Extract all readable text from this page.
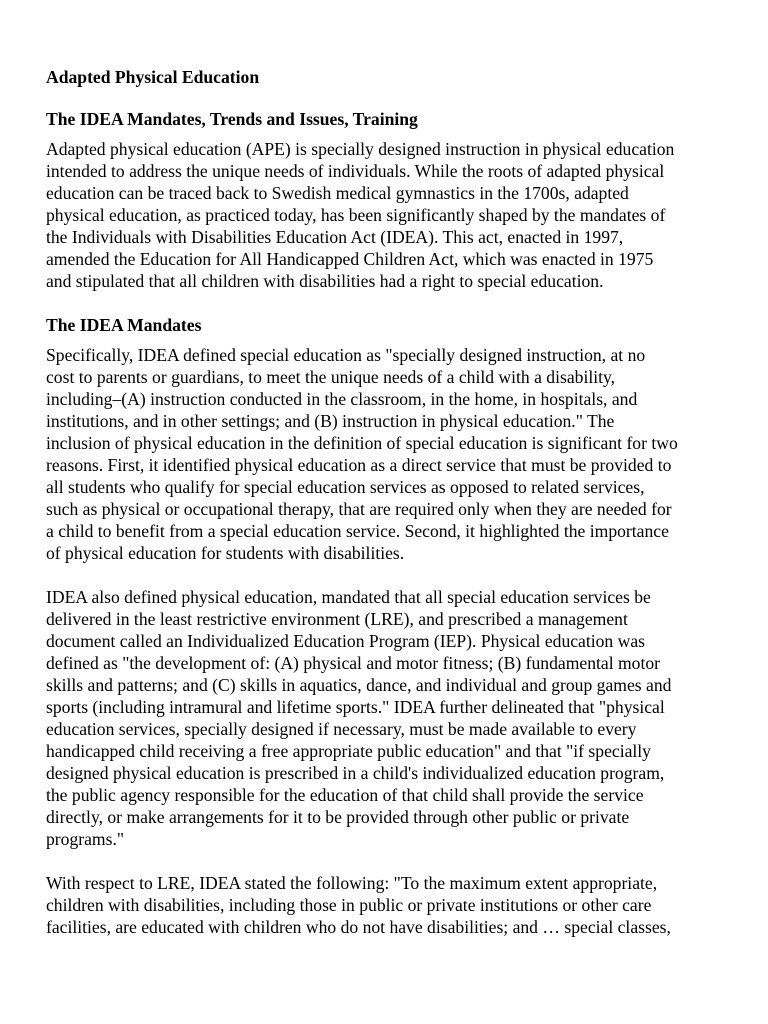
Adapted Physical Education

The IDEA Mandates, Trends and Issues, Training

Adapted physical education (APE) is specially designed instruction in physical education
intended to address the unique needs of individuals. While the roots of adapted physical
education can be traced back to Swedish medical gymnastics in the 1700s, adapted
physical education, as practiced today, has been significantly shaped by the mandates of
the Individuals with Disabilities Education Act (IDEA). This act, enacted in 1997,
amended the Education for All Handicapped Children Act, which was enacted in 1975
and stipulated that all children with disabilities had a right to special education.

The IDEA Mandates

Specifically, IDEA defined special education as "specially designed instruction, at no
cost to parents or guardians, to meet the unique needs of a child with a disability,
including–(A) instruction conducted in the classroom, in the home, in hospitals, and
institutions, and in other settings; and (B) instruction in physical education." The
inclusion of physical education in the definition of special education is significant for two
reasons. First, it identified physical education as a direct service that must be provided to
all students who qualify for special education services as opposed to related services,
such as physical or occupational therapy, that are required only when they are needed for
a child to benefit from a special education service. Second, it highlighted the importance
of physical education for students with disabilities.

IDEA also defined physical education, mandated that all special education services be
delivered in the least restrictive environment (LRE), and prescribed a management
document called an Individualized Education Program (IEP). Physical education was
defined as "the development of: (A) physical and motor fitness; (B) fundamental motor
skills and patterns; and (C) skills in aquatics, dance, and individual and group games and
sports (including intramural and lifetime sports." IDEA further delineated that "physical
education services, specially designed if necessary, must be made available to every
handicapped child receiving a free appropriate public education" and that "if specially
designed physical education is prescribed in a child's individualized education program,
the public agency responsible for the education of that child shall provide the service
directly, or make arrangements for it to be provided through other public or private
programs."

With respect to LRE, IDEA stated the following: "To the maximum extent appropriate,
children with disabilities, including those in public or private institutions or other care
facilities, are educated with children who do not have disabilities; and … special classes,
